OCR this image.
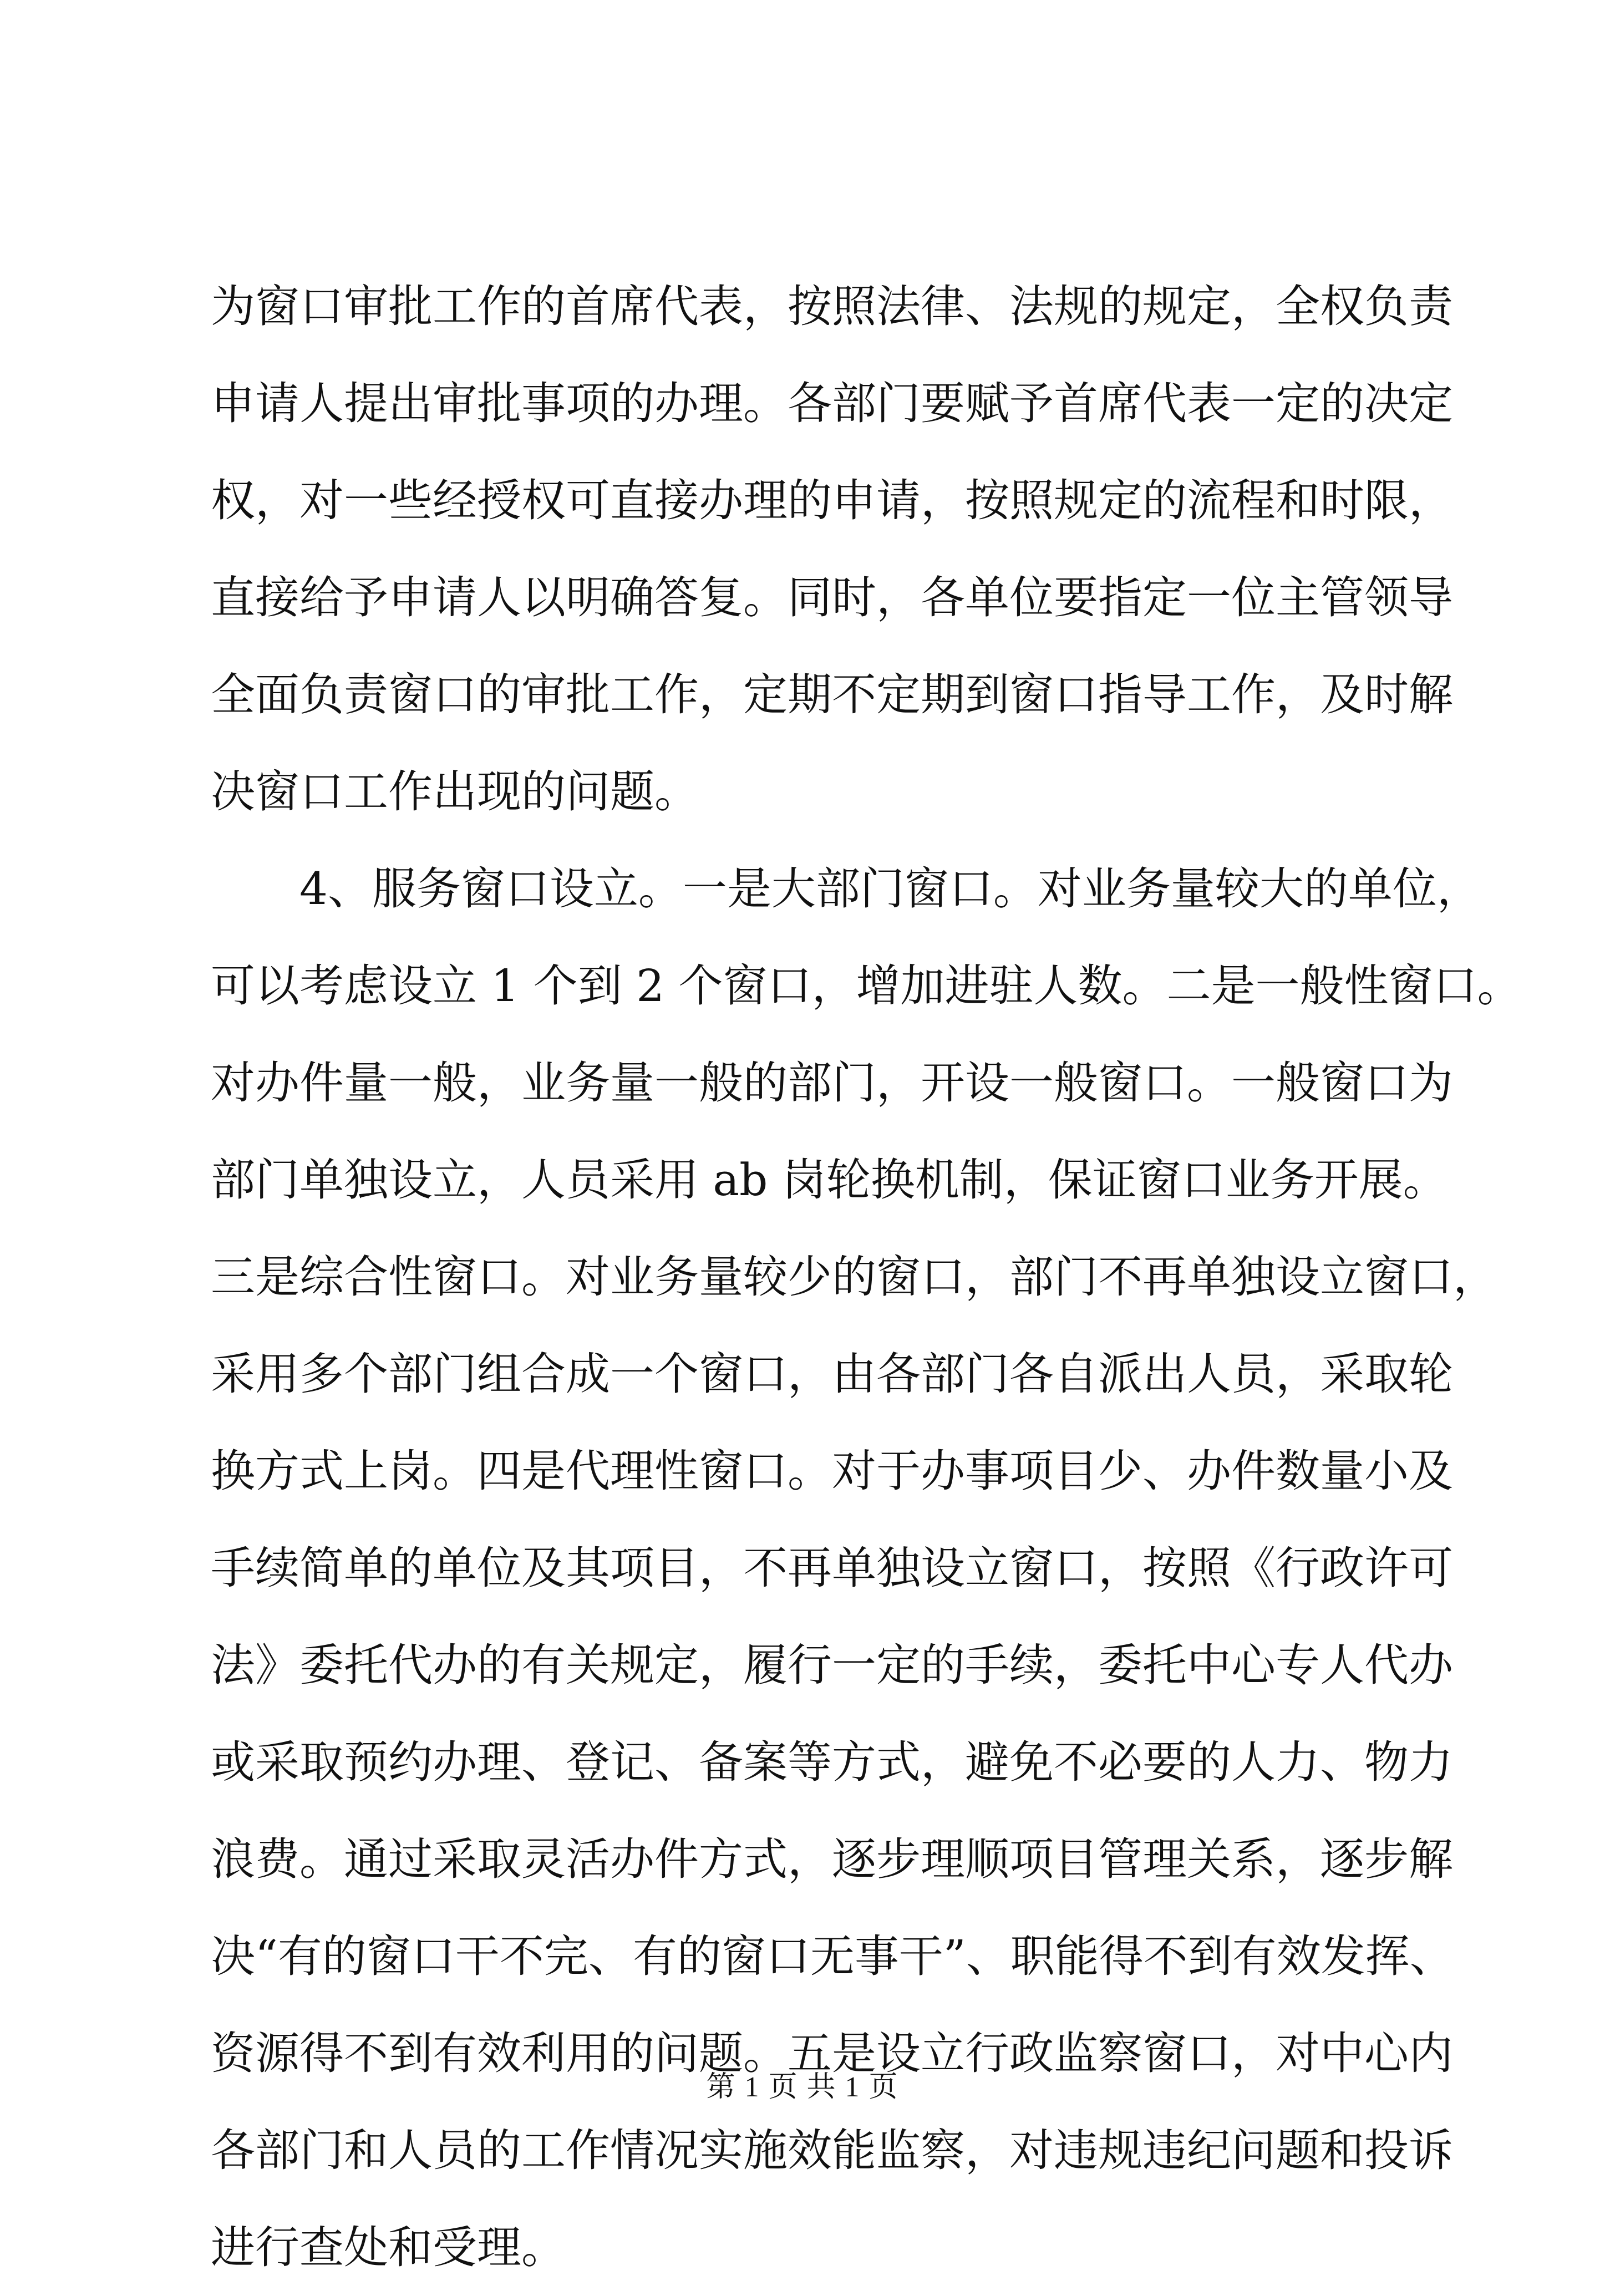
为窗口审批工作的首席代表，按照法律、法规的规定，全权负责
申请人提出审批事项的办理。各部门要赋予首席代表一定的决定
权，对一些经授权可直接办理的申请，按照规定的流程和时限，
直接给予申请人以明确答复。同时，各单位要指定一位主管领导
全面负责窗口的审批工作，定期不定期到窗口指导工作，及时解
决窗口工作出现的问题。
　　4、服务窗口设立。一是大部门窗口。对业务量较大的单位，
可以考虑设立 1 个到 2 个窗口，增加进驻人数。二是一般性窗口。
对办件量一般，业务量一般的部门，开设一般窗口。一般窗口为
部门单独设立，人员采用 ab 岗轮换机制，保证窗口业务开展。
三是综合性窗口。对业务量较少的窗口，部门不再单独设立窗口，
采用多个部门组合成一个窗口，由各部门各自派出人员，采取轮
换方式上岗。四是代理性窗口。对于办事项目少、办件数量小及
手续简单的单位及其项目，不再单独设立窗口，按照《行政许可
法》委托代办的有关规定，履行一定的手续，委托中心专人代办
或采取预约办理、登记、备案等方式，避免不必要的人力、物力
浪费。通过采取灵活办件方式，逐步理顺项目管理关系，逐步解
决“有的窗口干不完、有的窗口无事干”、职能得不到有效发挥、
资源得不到有效利用的问题。五是设立行政监察窗口，对中心内
各部门和人员的工作情况实施效能监察，对违规违纪问题和投诉
进行查处和受理。
第 1 页 共 1 页
